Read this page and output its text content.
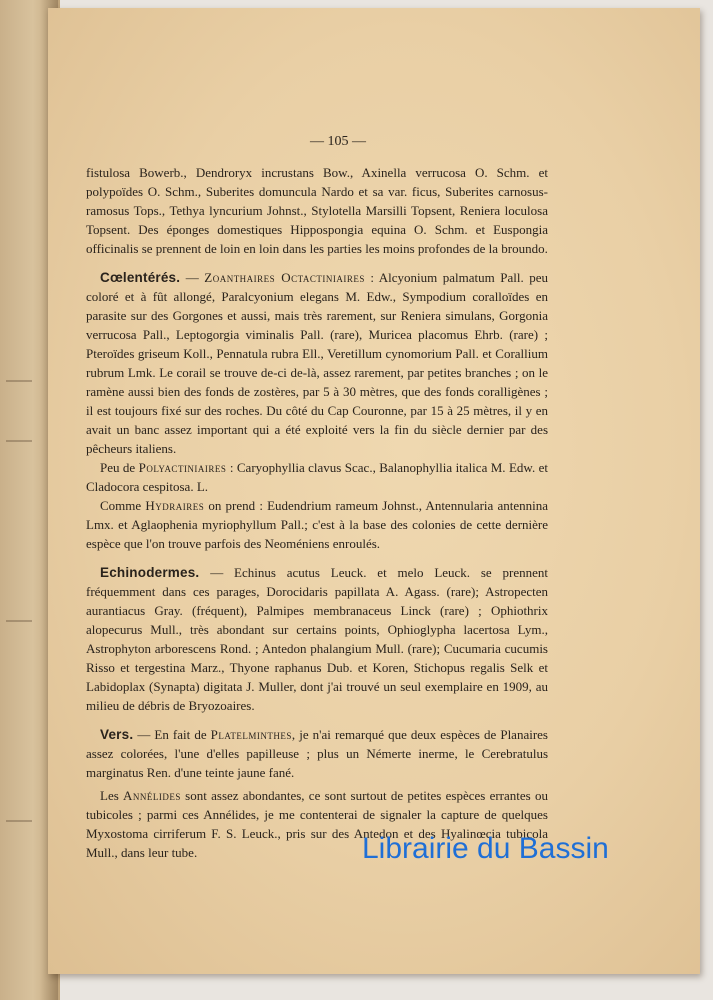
— 105 —

fistulosa Bowerb., Dendroryx incrustans Bow., Axinella verrucosa O. Schm. et polypoïdes O. Schm., Suberites domuncula Nardo et sa var. ficus, Suberites carnosus-ramosus Tops., Tethya lyncurium Johnst., Stylotella Marsilli Topsent, Reniera loculosa Topsent. Des éponges domestiques Hippospongia equina O. Schm. et Euspongia officinalis se prennent de loin en loin dans les parties les moins profondes de la broundo.

Cœlentérés. — Zoanthaires Octactiniaires : Alcyonium palmatum Pall. peu coloré et à fût allongé, Paralcyonium elegans M. Edw., Sympodium coralloïdes en parasite sur des Gorgones et aussi, mais très rarement, sur Reniera simulans, Gorgonia verrucosa Pall., Leptogorgia viminalis Pall. (rare), Muricea placomus Ehrb. (rare) ; Pteroïdes griseum Koll., Pennatula rubra Ell., Veretillum cynomorium Pall. et Corallium rubrum Lmk. Le corail se trouve de-ci de-là, assez rarement, par petites branches ; on le ramène aussi bien des fonds de zostères, par 5 à 30 mètres, que des fonds coralligènes ; il est toujours fixé sur des roches. Du côté du Cap Couronne, par 15 à 25 mètres, il y en avait un banc assez important qui a été exploité vers la fin du siècle dernier par des pêcheurs italiens.

Peu de Polyactiniaires : Caryophyllia clavus Scac., Balanophyllia italica M. Edw. et Cladocora cespitosa. L.

Comme Hydraires on prend : Eudendrium rameum Johnst., Antennularia antennina Lmx. et Aglaophenia myriophyllum Pall.; c'est à la base des colonies de cette dernière espèce que l'on trouve parfois des Neoméniens enroulés.

Echinodermes. — Echinus acutus Leuck. et melo Leuck. se prennent fréquemment dans ces parages, Dorocidaris papillata A. Agass. (rare); Astropecten aurantiacus Gray. (fréquent), Palmipes membranaceus Linck (rare) ; Ophiothrix alopecurus Mull., très abondant sur certains points, Ophioglypha lacertosa Lym., Astrophyton arborescens Rond. ; Antedon phalangium Mull. (rare); Cucumaria cucumis Risso et tergestina Marz., Thyone raphanus Dub. et Koren, Stichopus regalis Selk et Labidoplax (Synapta) digitata J. Muller, dont j'ai trouvé un seul exemplaire en 1909, au milieu de débris de Bryozoaires.

Vers. — En fait de Platelminthes, je n'ai remarqué que deux espèces de Planaires assez colorées, l'une d'elles papilleuse ; plus un Némerte inerme, le Cerebratulus marginatus Ren. d'une teinte jaune fané.

Les Annélides sont assez abondantes, ce sont surtout de petites espèces errantes ou tubicoles ; parmi ces Annélides, je me contenterai de signaler la capture de quelques Myxostoma cirriferum F. S. Leuck., pris sur des Antedon et des Hyalinœcia tubicola Mull., dans leur tube.	Librairie du Bassin
